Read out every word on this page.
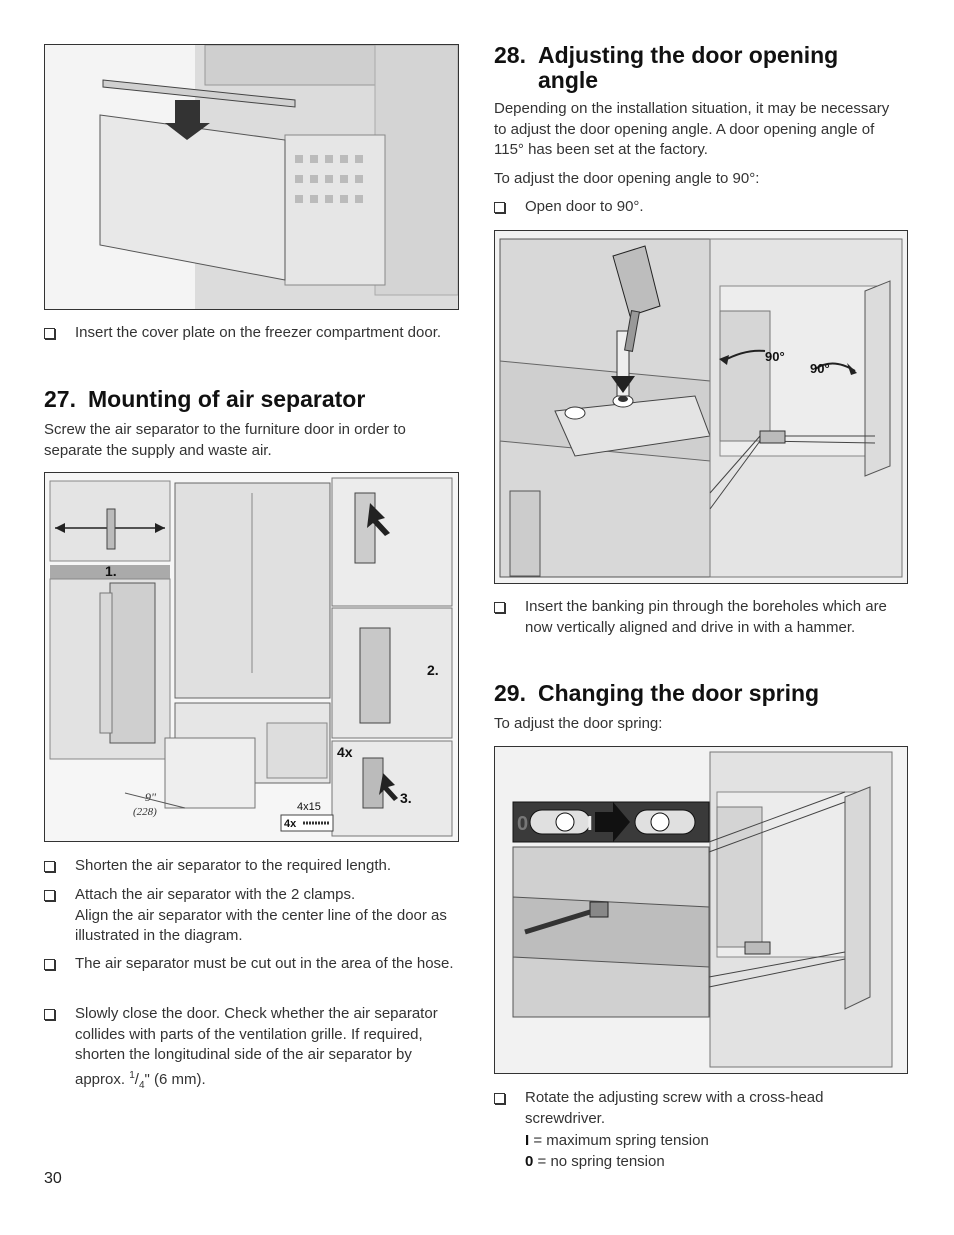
Insert the cover plate on the freezer compartment door.
27. Mounting of air separator

Screw the air separator to the furniture door in order to separate the supply and waste air.

1.
9"
(228)
2.
4x
3.
4x15
4x
Shorten the air separator to the required length.
Attach the air separator with the 2 clamps.
Align the air separator with the center line of the door as illustrated in the diagram.
The air separator must be cut out in the area of the hose.
Slowly close the door. Check whether the air separator collides with parts of the ventilation grille. If required, shorten the longitudinal side of the air separator by approx. $^1/_4$" (6 mm).
30
28. Adjusting the door opening
angle

Depending on the installation situation, it may be necessary to adjust the door opening angle. A door opening angle of 115° has been set at the factory.

To adjust the door opening angle to 90°:

Open door to 90°.
90°
90°
Insert the banking pin through the boreholes which are now vertically aligned and drive in with a hammer.
29. Changing the door spring

To adjust the door spring:

0	I
Rotate the adjusting screw with a cross-head screwdriver.
I = maximum spring tension
0 = no spring tension
